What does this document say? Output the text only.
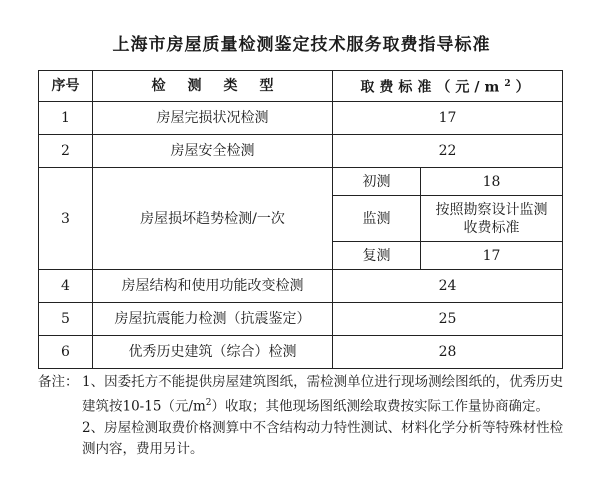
上海市房屋质量检测鉴定技术服务取费指导标准
序号	检测类型	取费标准（元$/m^2$）	
1	房屋完损状况检测	17	
2	房屋安全检测	22	
3	房屋损坏趋势检测/一次	初测	18
		监测	按照勘察设计监测收费标准
		复测	17
4	房屋结构和使用功能改变检测	24	
5	房屋抗震能力检测（抗震鉴定）	25	
6	优秀历史建筑（综合）检测	28	
备注： 1、因委托方不能提供房屋建筑图纸，需检测单位进行现场测绘图纸的，优秀历史建筑按10-15（元$/m^2$）收取；其他现场图纸测绘取费按实际工作量协商确定。
2、房屋检测取费价格测算中不含结构动力特性测试、材料化学分析等特殊材性检测内容，费用另计。
